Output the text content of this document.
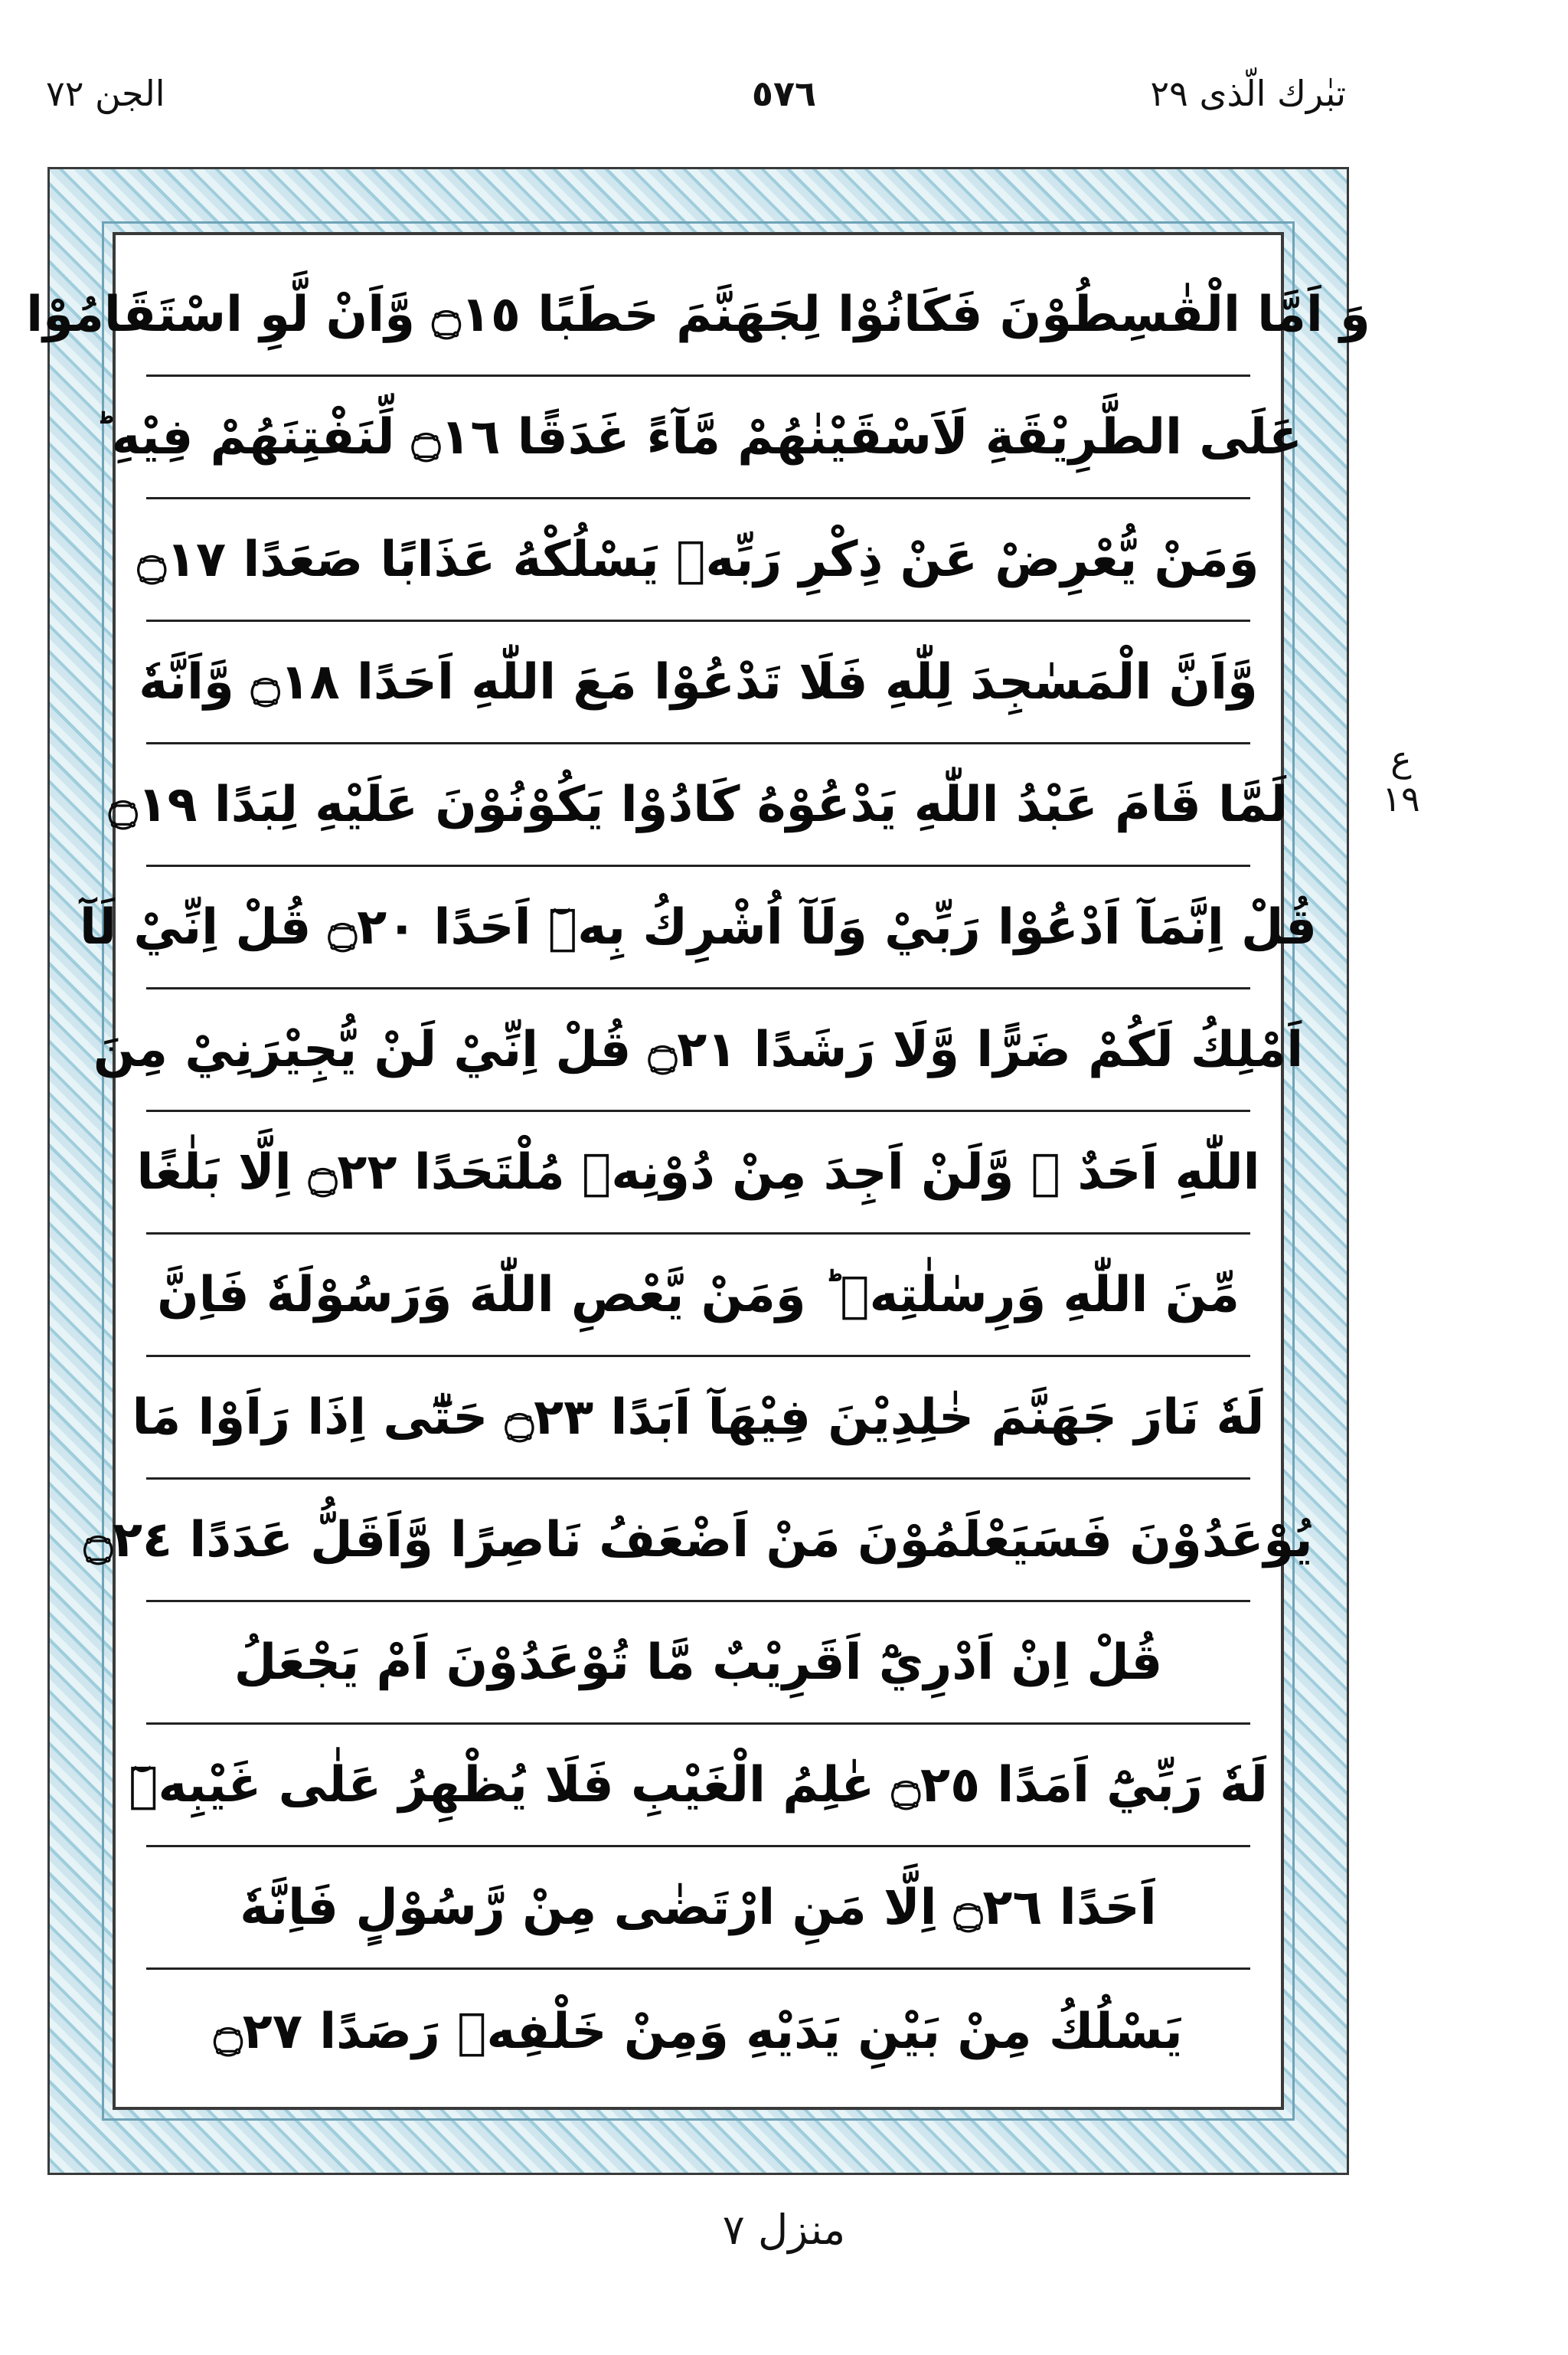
الجن ٧٢	٥٧٦	تبٰرك الّذى ٢٩
وَ اَمَّا الْقٰسِطُوْنَ فَكَانُوْا لِجَهَنَّمَ حَطَبًا ۝١٥ وَّاَنْ لَّوِ اسْتَقَامُوْا
عَلَى الطَّرِيْقَةِ لَاَسْقَيْنٰهُمْ مَّآءً غَدَقًا ۝١٦ لِّنَفْتِنَهُمْ فِيْهِ ؕ
وَمَنْ يُّعْرِضْ عَنْ ذِكْرِ رَبِّهٖ يَسْلُكْهُ عَذَابًا صَعَدًا ۝١٧
وَّاَنَّ الْمَسٰجِدَ لِلّٰهِ فَلَا تَدْعُوْا مَعَ اللّٰهِ اَحَدًا ۝١٨ وَّاَنَّهٗ
لَمَّا قَامَ عَبْدُ اللّٰهِ يَدْعُوْهُ كَادُوْا يَكُوْنُوْنَ عَلَيْهِ لِبَدًا ۝١٩
قُلْ اِنَّمَآ اَدْعُوْا رَبِّيْ وَلَآ اُشْرِكُ بِهٖٓ اَحَدًا ۝٢٠ قُلْ اِنِّيْ لَآ
اَمْلِكُ لَكُمْ ضَرًّا وَّلَا رَشَدًا ۝٢١ قُلْ اِنِّيْ لَنْ يُّجِيْرَنِيْ مِنَ
اللّٰهِ اَحَدٌ ۙ وَّلَنْ اَجِدَ مِنْ دُوْنِهٖ مُلْتَحَدًا ۝٢٢ اِلَّا بَلٰغًا
مِّنَ اللّٰهِ وَرِسٰلٰتِهٖ ؕ وَمَنْ يَّعْصِ اللّٰهَ وَرَسُوْلَهٗ فَاِنَّ
لَهٗ نَارَ جَهَنَّمَ خٰلِدِيْنَ فِيْهَآ اَبَدًا ۝٢٣ حَتّٰٓى اِذَا رَاَوْا مَا
يُوْعَدُوْنَ فَسَيَعْلَمُوْنَ مَنْ اَضْعَفُ نَاصِرًا وَّاَقَلُّ عَدَدًا ۝٢٤
قُلْ اِنْ اَدْرِيْٓ اَقَرِيْبٌ مَّا تُوْعَدُوْنَ اَمْ يَجْعَلُ
لَهٗ رَبِّيْٓ اَمَدًا ۝٢٥ عٰلِمُ الْغَيْبِ فَلَا يُظْهِرُ عَلٰى غَيْبِهٖٓ
اَحَدًا ۝٢٦ اِلَّا مَنِ ارْتَضٰى مِنْ رَّسُوْلٍ فَاِنَّهٗ
يَسْلُكُ مِنْ بَيْنِ يَدَيْهِ وَمِنْ خَلْفِهٖ رَصَدًا ۝٢٧
ع ١٩
منزل ٧
